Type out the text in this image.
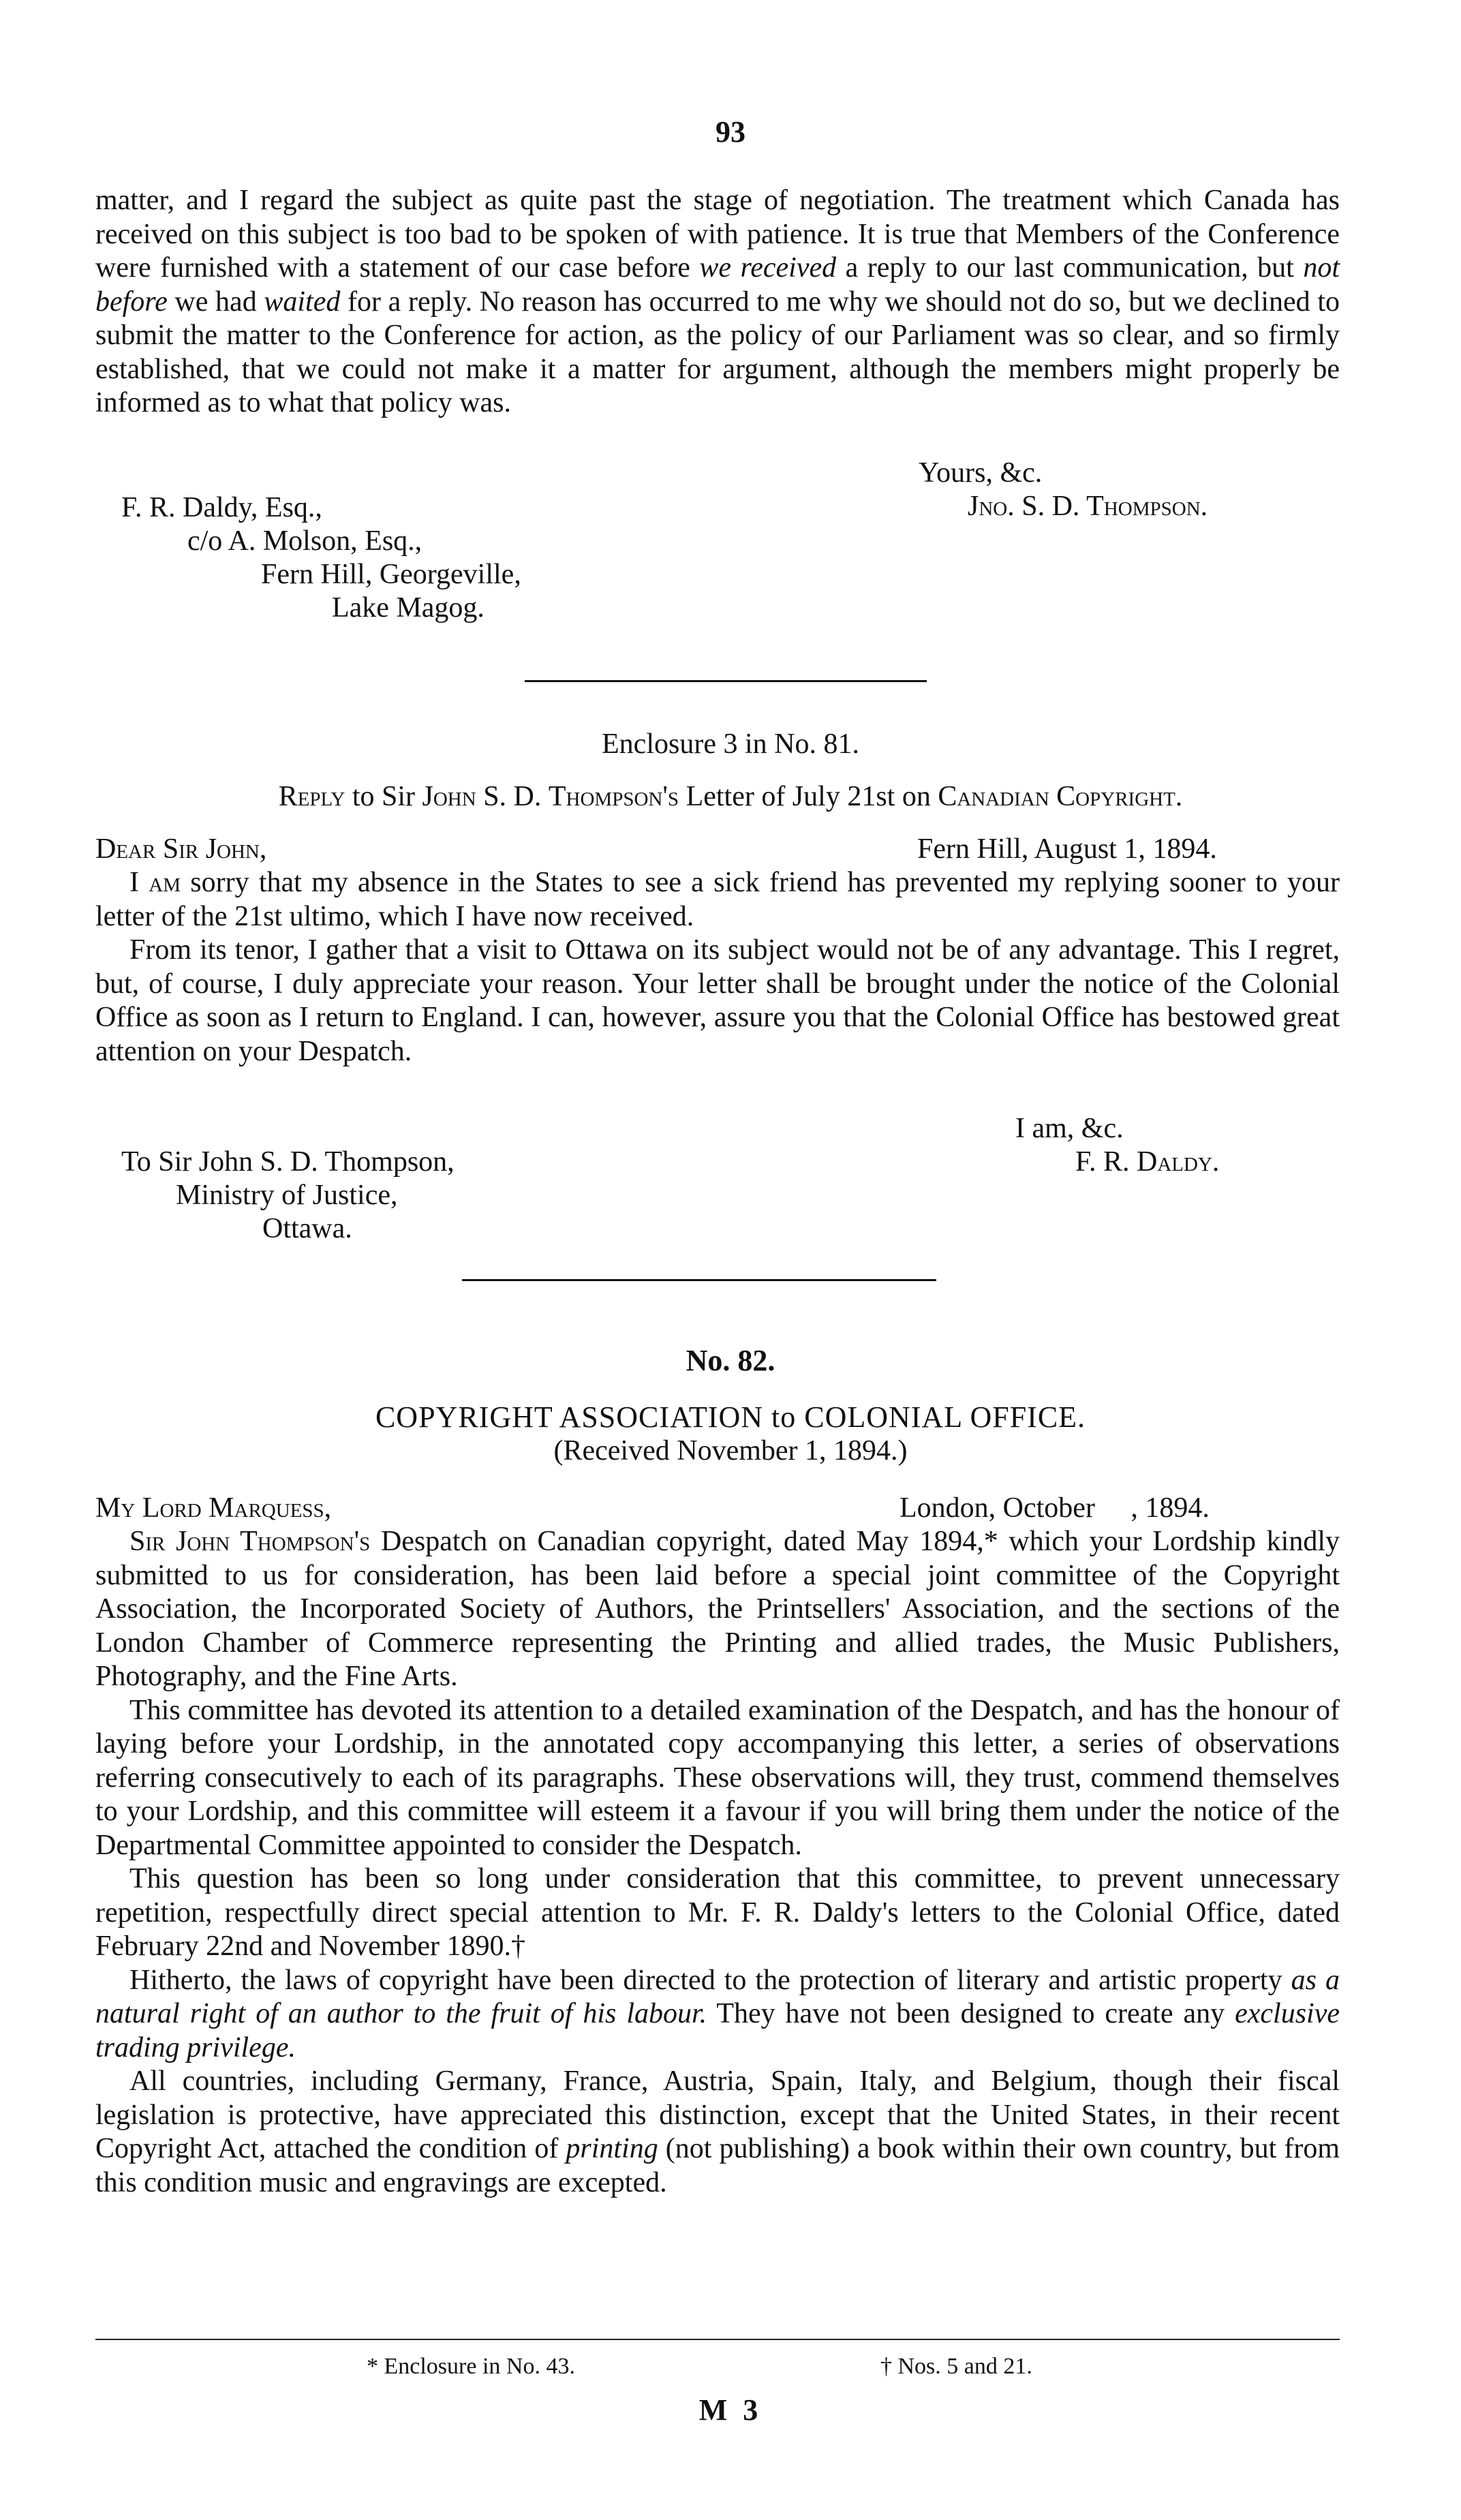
93
matter, and I regard the subject as quite past the stage of negotiation. The treatment which Canada has received on this subject is too bad to be spoken of with patience. It is true that Members of the Conference were furnished with a statement of our case before we received a reply to our last communication, but not before we had waited for a reply. No reason has occurred to me why we should not do so, but we declined to submit the matter to the Conference for action, as the policy of our Parliament was so clear, and so firmly established, that we could not make it a matter for argument, although the members might properly be informed as to what that policy was.
Yours, &c.
Jno. S. D. Thompson.
F. R. Daldy, Esq.,
c/o A. Molson, Esq.,
Fern Hill, Georgeville,
Lake Magog.
Enclosure 3 in No. 81.
Reply to Sir John S. D. Thompson's Letter of July 21st on Canadian Copyright.
Dear Sir John,	Fern Hill, August 1, 1894.

I am sorry that my absence in the States to see a sick friend has prevented my replying sooner to your letter of the 21st ultimo, which I have now received.

From its tenor, I gather that a visit to Ottawa on its subject would not be of any advantage. This I regret, but, of course, I duly appreciate your reason. Your letter shall be brought under the notice of the Colonial Office as soon as I return to England. I can, however, assure you that the Colonial Office has bestowed great attention on your Despatch.

I am, &c.
F. R. Daldy.
To Sir John S. D. Thompson,
Ministry of Justice,
Ottawa.
No. 82.
COPYRIGHT ASSOCIATION to COLONIAL OFFICE.
(Received November 1, 1894.)
My Lord Marquess,	London, October     , 1894.

Sir John Thompson's Despatch on Canadian copyright, dated May 1894,* which your Lordship kindly submitted to us for consideration, has been laid before a special joint committee of the Copyright Association, the Incorporated Society of Authors, the Printsellers' Association, and the sections of the London Chamber of Commerce representing the Printing and allied trades, the Music Publishers, Photography, and the Fine Arts.

This committee has devoted its attention to a detailed examination of the Despatch, and has the honour of laying before your Lordship, in the annotated copy accompanying this letter, a series of observations referring consecutively to each of its paragraphs. These observations will, they trust, commend themselves to your Lordship, and this committee will esteem it a favour if you will bring them under the notice of the Departmental Committee appointed to consider the Despatch.

This question has been so long under consideration that this committee, to prevent unnecessary repetition, respectfully direct special attention to Mr. F. R. Daldy's letters to the Colonial Office, dated February 22nd and November 1890.†

Hitherto, the laws of copyright have been directed to the protection of literary and artistic property as a natural right of an author to the fruit of his labour. They have not been designed to create any exclusive trading privilege.

All countries, including Germany, France, Austria, Spain, Italy, and Belgium, though their fiscal legislation is protective, have appreciated this distinction, except that the United States, in their recent Copyright Act, attached the condition of printing (not publishing) a book within their own country, but from this condition music and engravings are excepted.

* Enclosure in No. 43.	† Nos. 5 and 21.
M 3
